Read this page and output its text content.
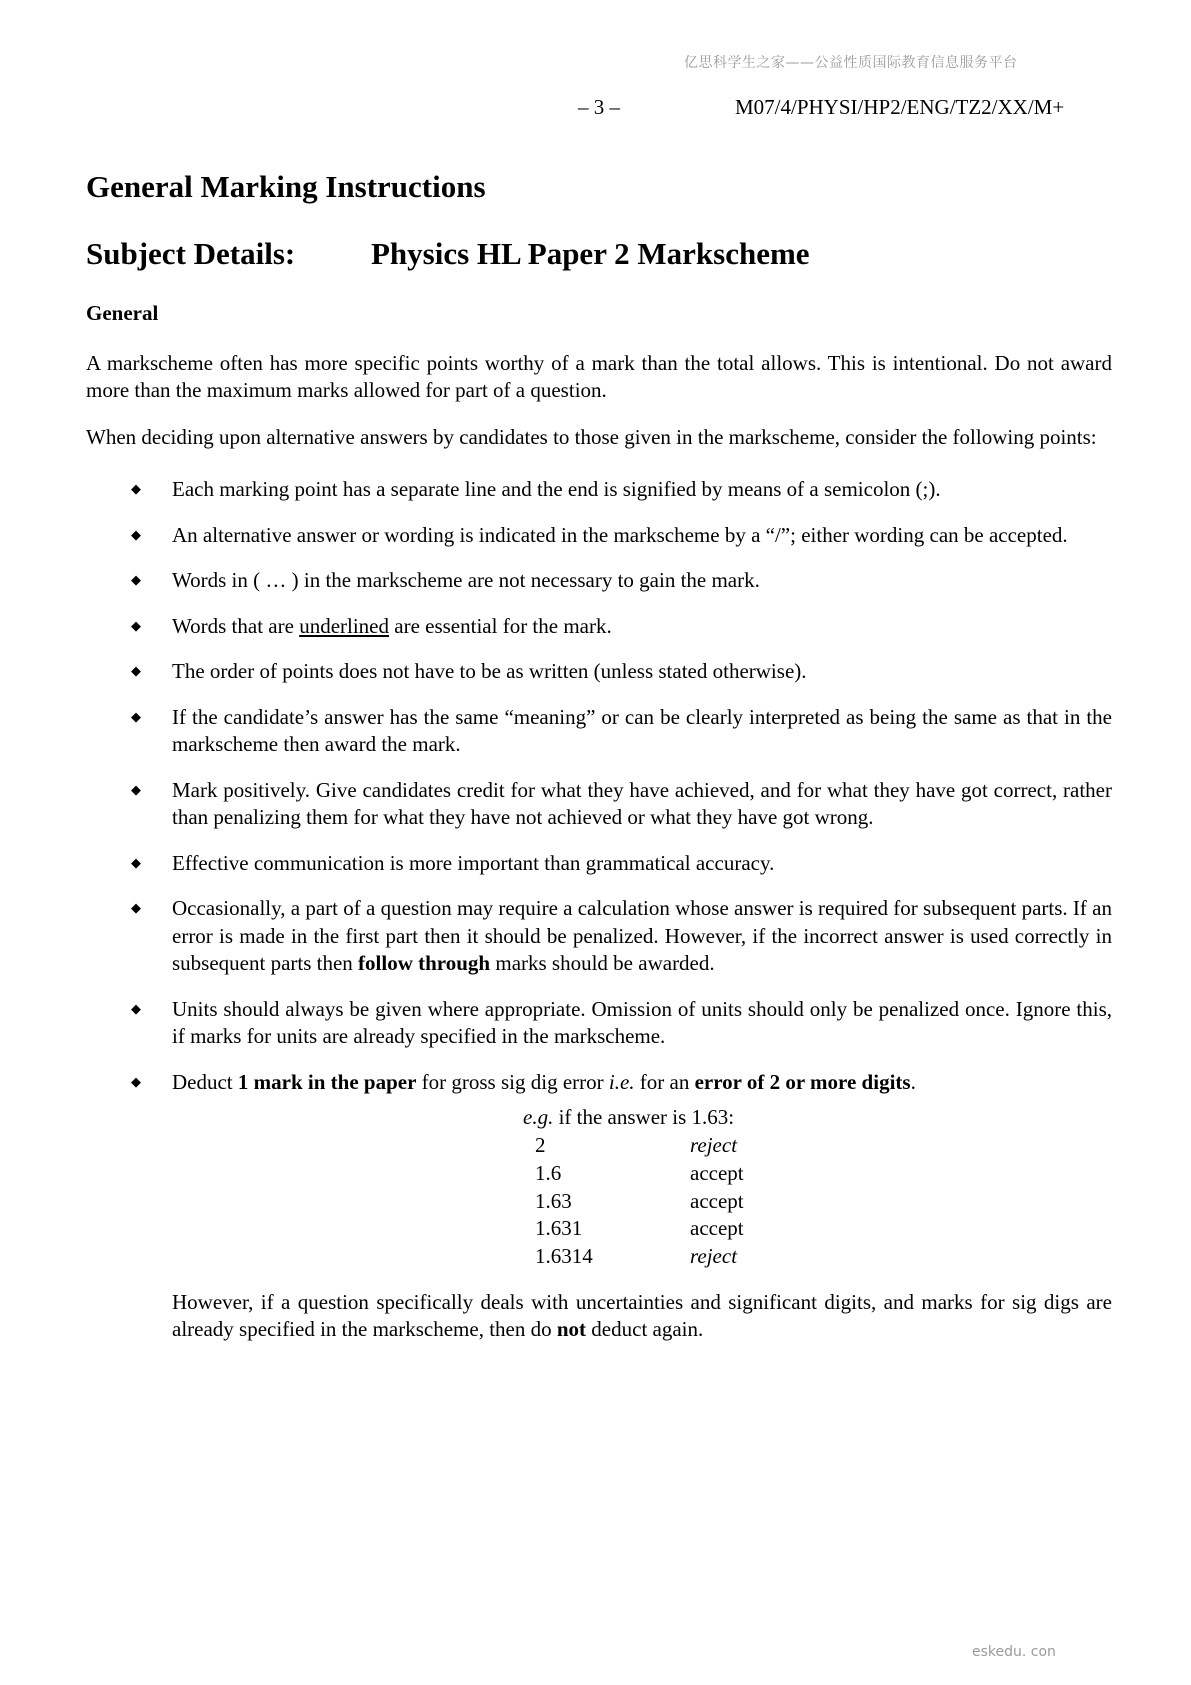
亿思科学生之家——公益性质国际教育信息服务平台
– 3 –	M07/4/PHYSI/HP2/ENG/TZ2/XX/M+
General Marking Instructions
Subject Details:	Physics HL Paper 2 Markscheme
General

A markscheme often has more specific points worthy of a mark than the total allows. This is intentional. Do not award more than the maximum marks allowed for part of a question.

When deciding upon alternative answers by candidates to those given in the markscheme, consider the following points:

◆ Each marking point has a separate line and the end is signified by means of a semicolon (;).
◆ An alternative answer or wording is indicated in the markscheme by a “/”; either wording can be accepted.
◆ Words in ( … ) in the markscheme are not necessary to gain the mark.
◆ Words that are underlined are essential for the mark.
◆ The order of points does not have to be as written (unless stated otherwise).
◆ If the candidate’s answer has the same “meaning” or can be clearly interpreted as being the same as that in the markscheme then award the mark.
◆ Mark positively. Give candidates credit for what they have achieved, and for what they have got correct, rather than penalizing them for what they have not achieved or what they have got wrong.
◆ Effective communication is more important than grammatical accuracy.
◆ Occasionally, a part of a question may require a calculation whose answer is required for subsequent parts. If an error is made in the first part then it should be penalized. However, if the incorrect answer is used correctly in subsequent parts then follow through marks should be awarded.
◆ Units should always be given where appropriate. Omission of units should only be penalized once. Ignore this, if marks for units are already specified in the markscheme.
◆ Deduct 1 mark in the paper for gross sig dig error i.e. for an error of 2 or more digits.
e.g. if the answer is 1.63:
2	reject
1.6	accept
1.63	accept
1.631	accept
1.6314	reject

However, if a question specifically deals with uncertainties and significant digits, and marks for sig digs are already specified in the markscheme, then do not deduct again.

eskedu. con
